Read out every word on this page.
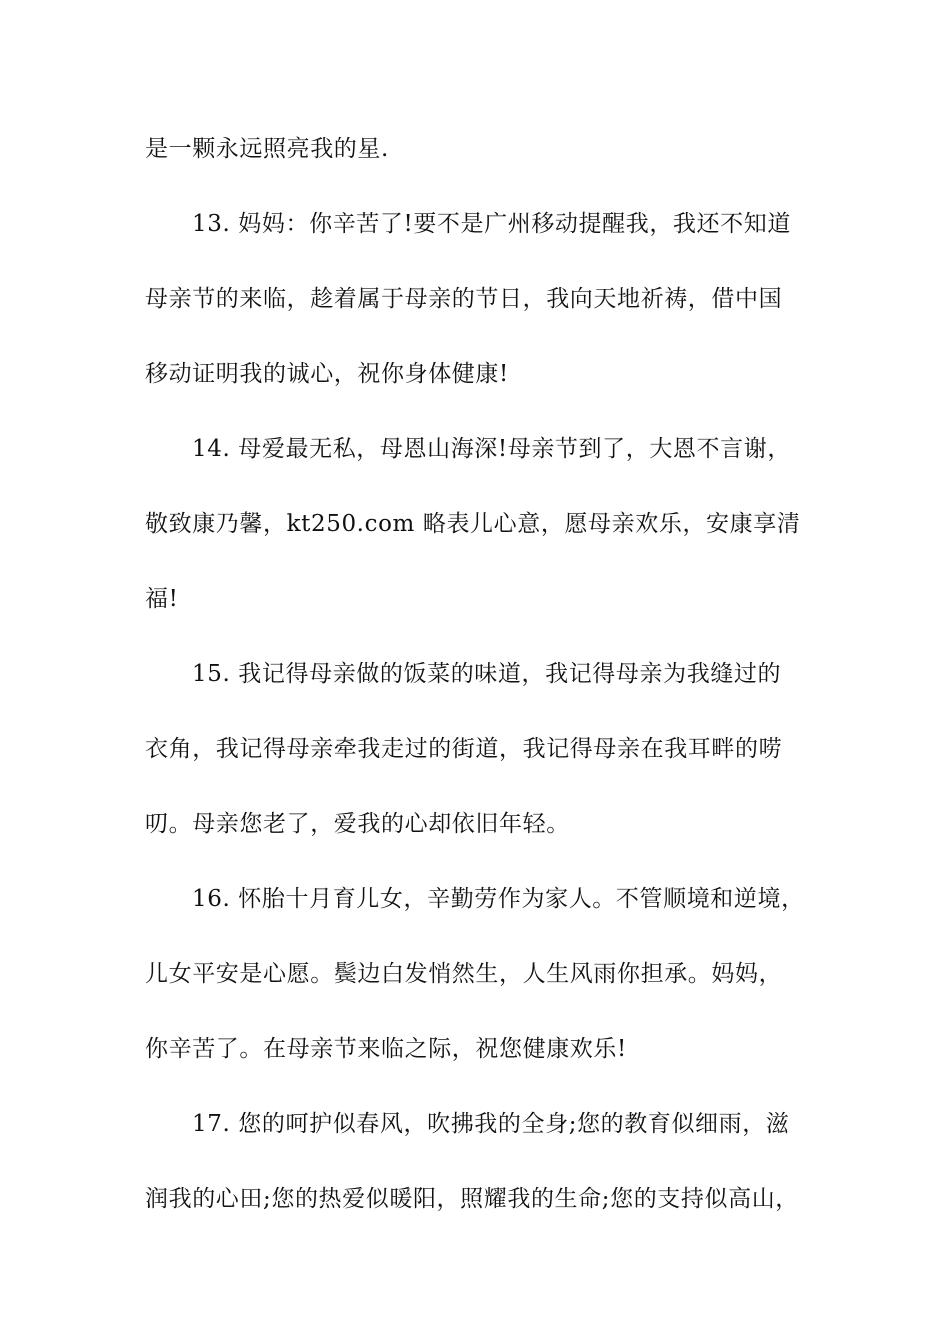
是一颗永远照亮我的星.
13. 妈妈：你辛苦了!要不是广州移动提醒我，我还不知道
母亲节的来临，趁着属于母亲的节日，我向天地祈祷，借中国
移动证明我的诚心，祝你身体健康!
14. 母爱最无私，母恩山海深!母亲节到了，大恩不言谢，
敬致康乃馨，kt250.com 略表儿心意，愿母亲欢乐，安康享清
福!
15. 我记得母亲做的饭菜的味道，我记得母亲为我缝过的
衣角，我记得母亲牵我走过的街道，我记得母亲在我耳畔的唠
叨。母亲您老了，爱我的心却依旧年轻。
16. 怀胎十月育儿女，辛勤劳作为家人。不管顺境和逆境，
儿女平安是心愿。鬓边白发悄然生，人生风雨你担承。妈妈，
你辛苦了。在母亲节来临之际，祝您健康欢乐!
17. 您的呵护似春风，吹拂我的全身;您的教育似细雨，滋
润我的心田;您的热爱似暖阳，照耀我的生命;您的支持似高山，
